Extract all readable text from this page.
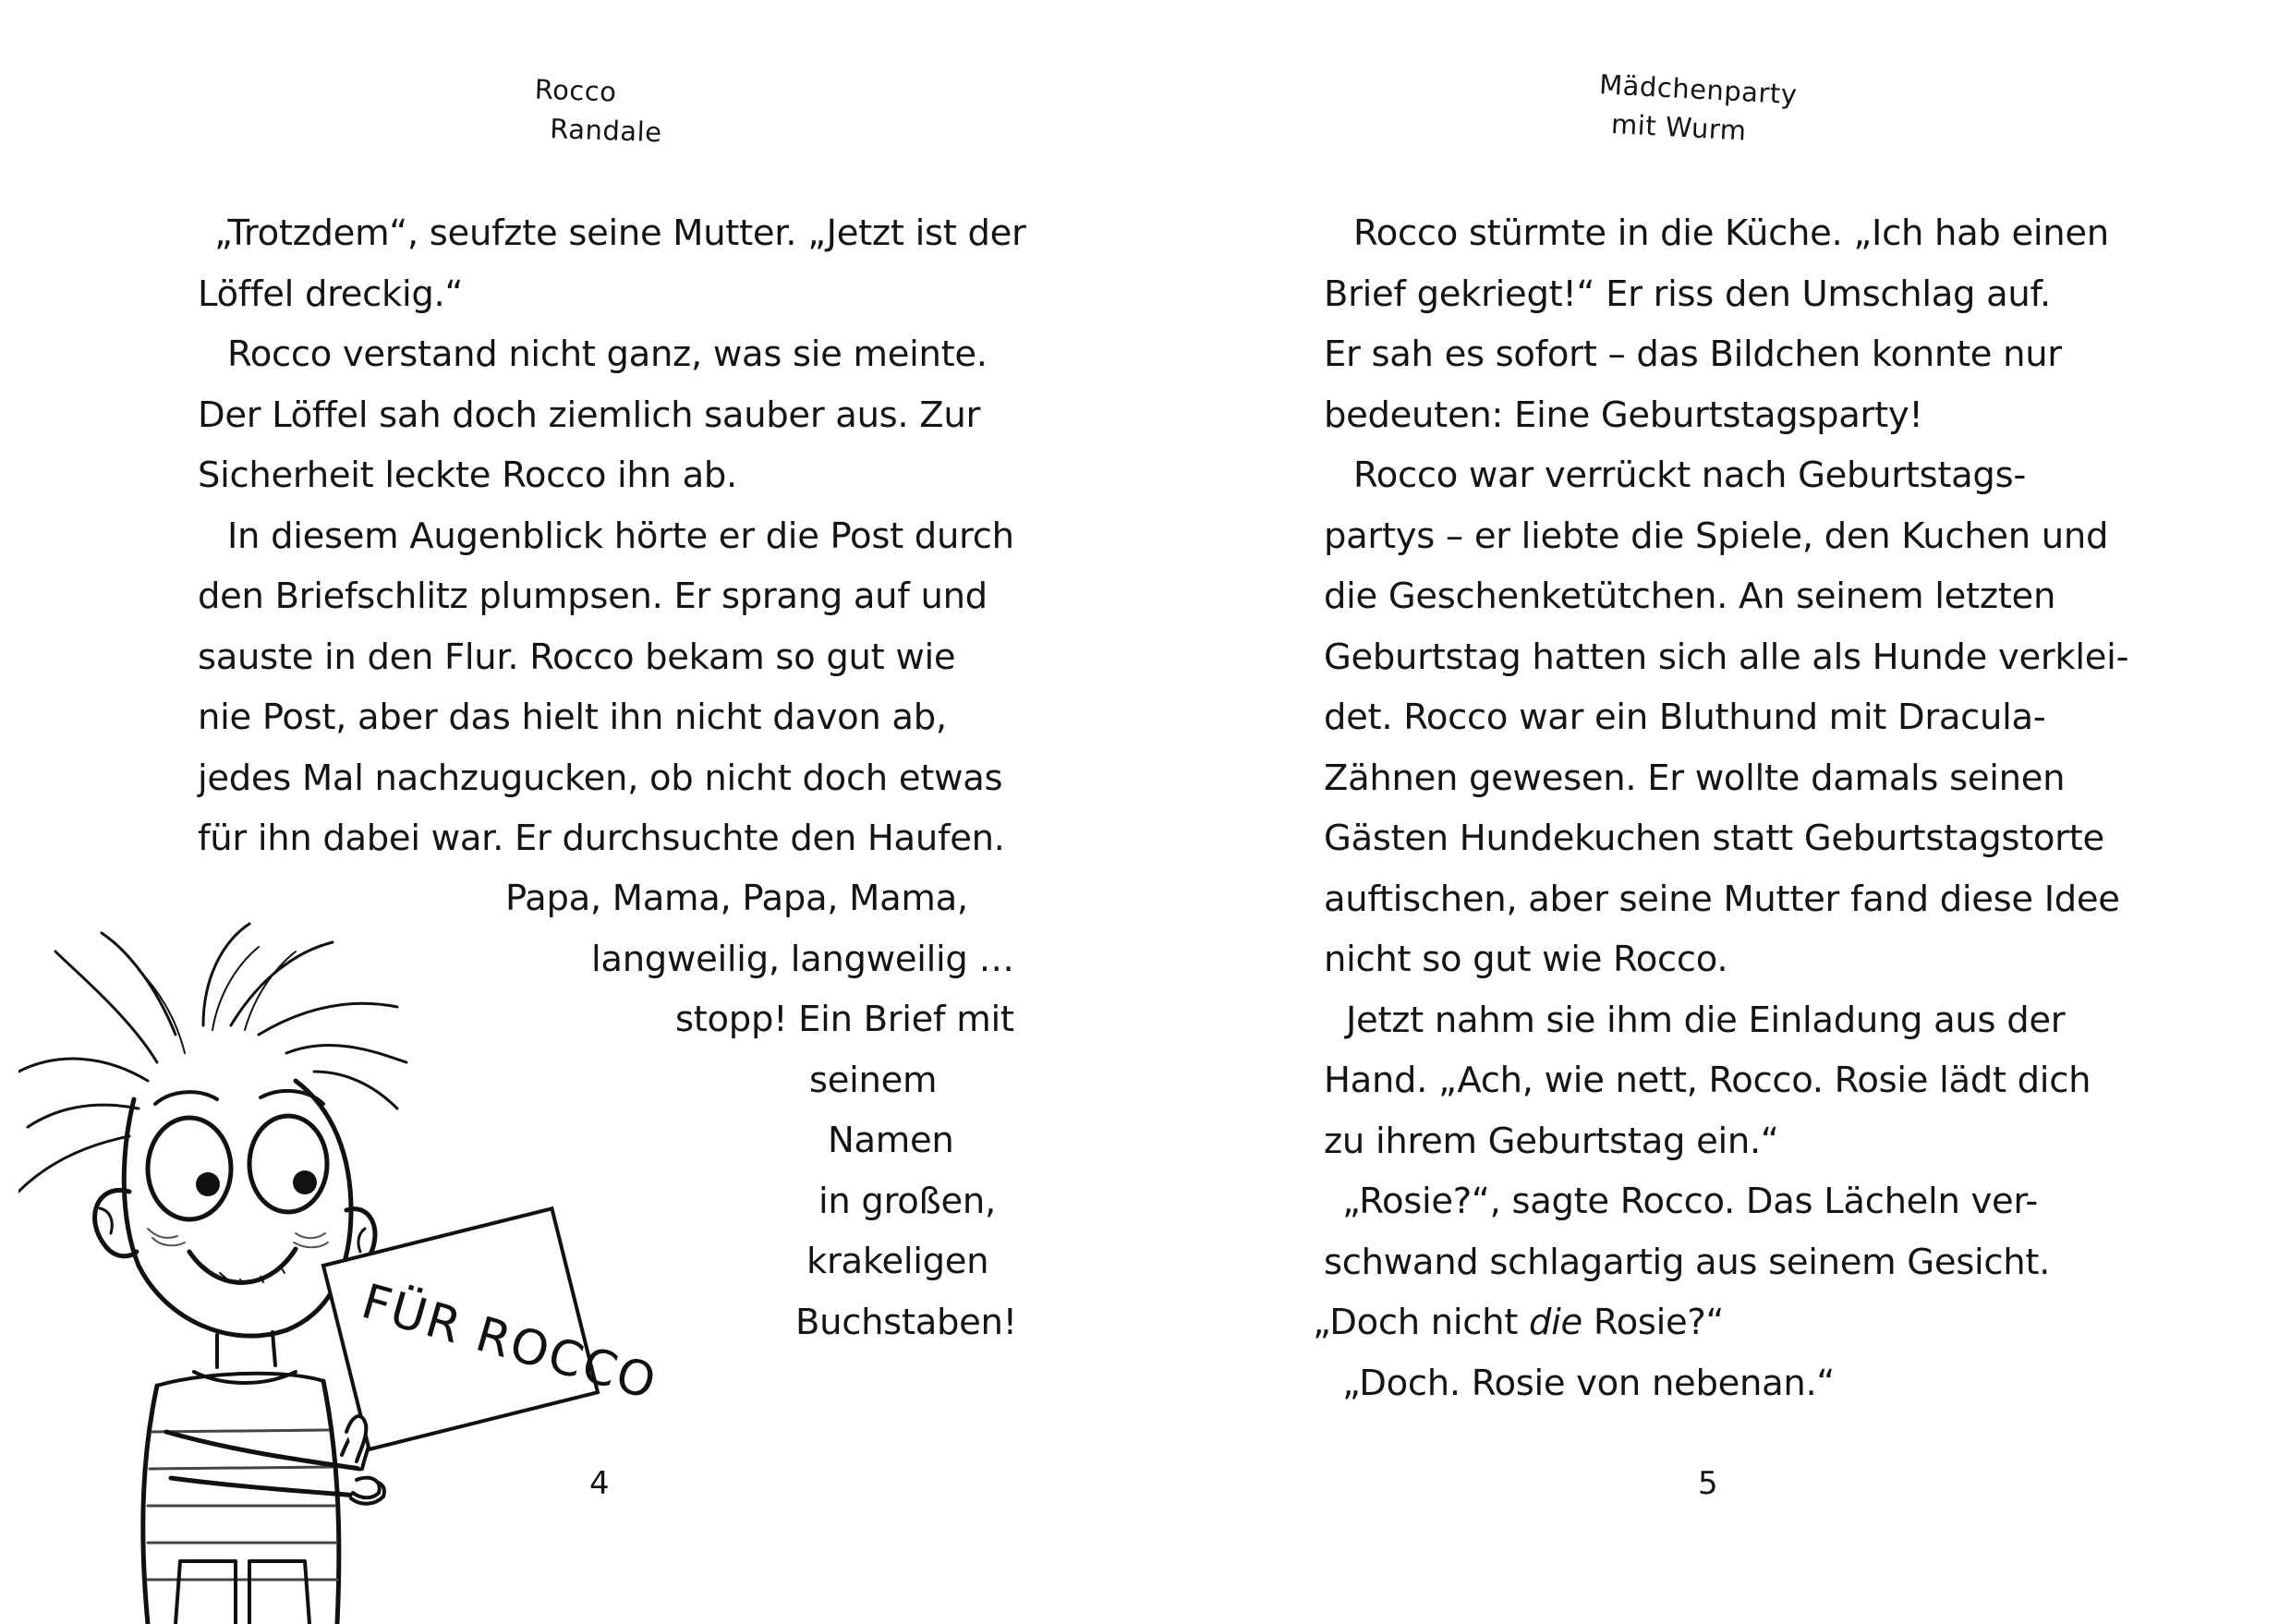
Rocco
Randale
„Trotzdem“, seufzte seine Mutter. „Jetzt ist der
Löffel dreckig.“
Rocco verstand nicht ganz, was sie meinte.
Der Löffel sah doch ziemlich sauber aus. Zur
Sicherheit leckte Rocco ihn ab.
In diesem Augenblick hörte er die Post durch
den Briefschlitz plumpsen. Er sprang auf und
sauste in den Flur. Rocco bekam so gut wie
nie Post, aber das hielt ihn nicht davon ab,
jedes Mal nachzugucken, ob nicht doch etwas
für ihn dabei war. Er durchsuchte den Haufen.
Papa, Mama, Papa, Mama,
langweilig, langweilig …
stopp! Ein Brief mit
seinem
Namen
in großen,
krakeligen
Buchstaben!
FÜR ROCCO
4
Mädchenparty
mit Wurm
Rocco stürmte in die Küche. „Ich hab einen
Brief gekriegt!“ Er riss den Umschlag auf.
Er sah es sofort – das Bildchen konnte nur
bedeuten: Eine Geburtstagsparty!
Rocco war verrückt nach Geburtstags-
partys – er liebte die Spiele, den Kuchen und
die Geschenketütchen. An seinem letzten
Geburtstag hatten sich alle als Hunde verklei-
det. Rocco war ein Bluthund mit Dracula-
Zähnen gewesen. Er wollte damals seinen
Gästen Hundekuchen statt Geburtstagstorte
auftischen, aber seine Mutter fand diese Idee
nicht so gut wie Rocco.
Jetzt nahm sie ihm die Einladung aus der
Hand. „Ach, wie nett, Rocco. Rosie lädt dich
zu ihrem Geburtstag ein.“
„Rosie?“, sagte Rocco. Das Lächeln ver-
schwand schlagartig aus seinem Gesicht.
„Doch nicht die Rosie?“
„Doch. Rosie von nebenan.“
5
